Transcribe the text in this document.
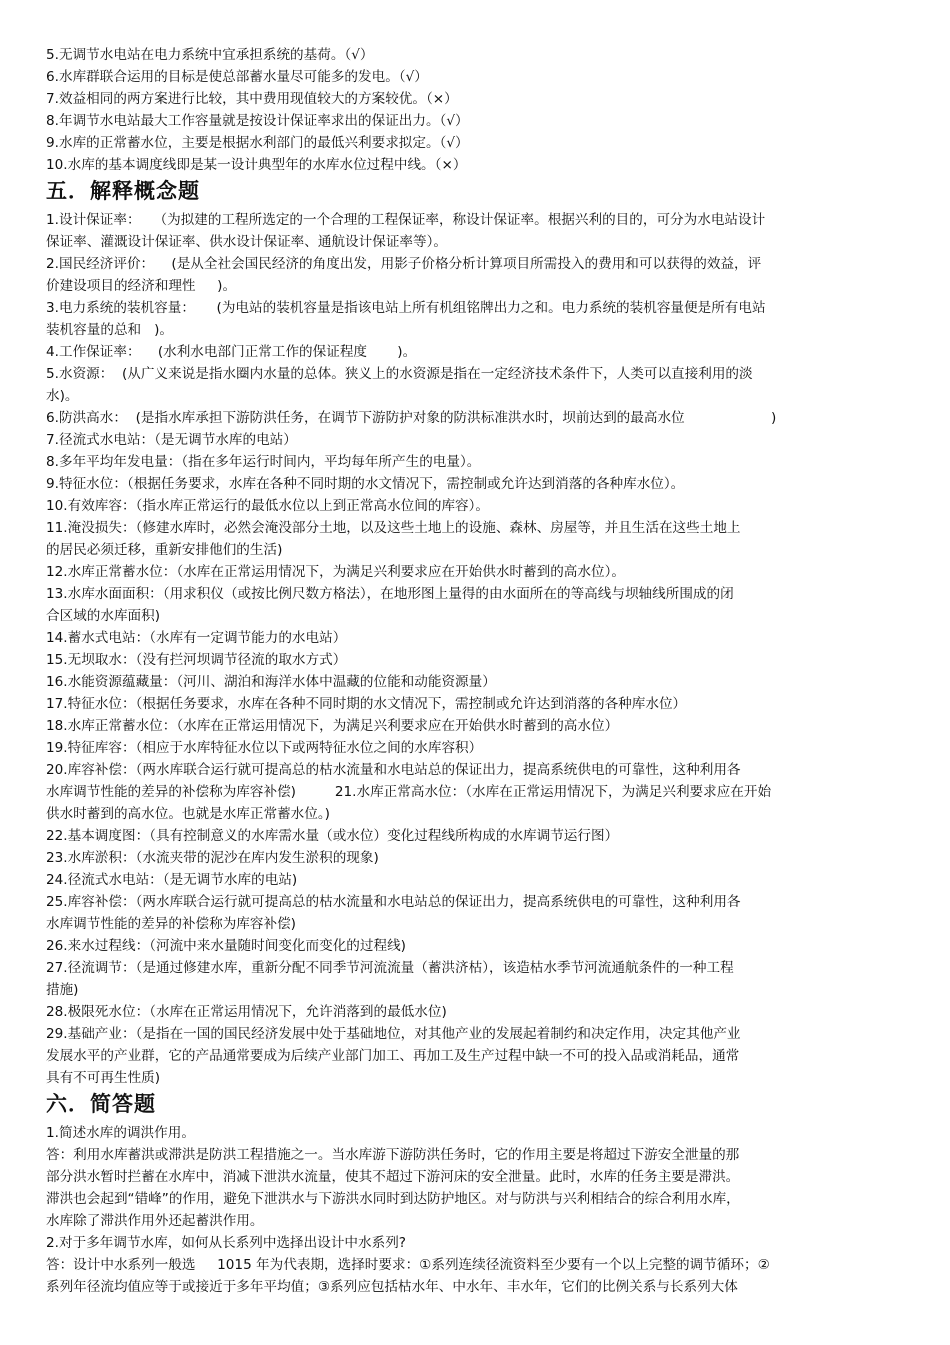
5.无调节水电站在电力系统中宜承担系统的基荷。（√）
6.水库群联合运用的目标是使总部蓄水量尽可能多的发电。（√）
7.效益相同的两方案进行比较，其中费用现值较大的方案较优。（×）
8.年调节水电站最大工作容量就是按设计保证率求出的保证出力。（√）
9.水库的正常蓄水位，主要是根据水利部门的最低兴利要求拟定。（√）
10.水库的基本调度线即是某一设计典型年的水库水位过程中线。（×）
五．解释概念题
1.设计保证率：   （为拟建的工程所选定的一个合理的工程保证率，称设计保证率。根据兴利的目的，可分为水电站设计
保证率、灌溉设计保证率、供水设计保证率、通航设计保证率等）。
2.国民经济评价：    (是从全社会国民经济的角度出发，用影子价格分析计算项目所需投入的费用和可以获得的效益，评
价建设项目的经济和理性     )。
3.电力系统的装机容量：     (为电站的装机容量是指该电站上所有机组铭牌出力之和。电力系统的装机容量便是所有电站
装机容量的总和   )。
4.工作保证率：    (水利水电部门正常工作的保证程度       )。
5.水资源：  (从广义来说是指水圈内水量的总体。狭义上的水资源是指在一定经济技术条件下，人类可以直接利用的淡
水)。
6.防洪高水：  (是指水库承担下游防洪任务，在调节下游防护对象的防洪标准洪水时，坝前达到的最高水位                    )
7.径流式水电站：（是无调节水库的电站）
8.多年平均年发电量：（指在多年运行时间内，平均每年所产生的电量）。
9.特征水位：（根据任务要求，水库在各种不同时期的水文情况下，需控制或允许达到消落的各种库水位）。
10.有效库容：（指水库正常运行的最低水位以上到正常高水位间的库容）。
11.淹没损失：（修建水库时，必然会淹没部分土地，以及这些土地上的设施、森林、房屋等，并且生活在这些土地上
的居民必须迁移，重新安排他们的生活)
12.水库正常蓄水位：（水库在正常运用情况下，为满足兴利要求应在开始供水时蓄到的高水位）。
13.水库水面面积：（用求积仪（或按比例尺数方格法），在地形图上量得的由水面所在的等高线与坝轴线所围成的闭
合区域的水库面积)
14.蓄水式电站：（水库有一定调节能力的水电站）
15.无坝取水：（没有拦河坝调节径流的取水方式）
16.水能资源蕴藏量：（河川、湖泊和海洋水体中温藏的位能和动能资源量）
17.特征水位：（根据任务要求，水库在各种不同时期的水文情况下，需控制或允许达到消落的各种库水位）
18.水库正常蓄水位：（水库在正常运用情况下，为满足兴利要求应在开始供水时蓄到的高水位）
19.特征库容：（相应于水库特征水位以下或两特征水位之间的水库容积）
20.库容补偿：（两水库联合运行就可提高总的枯水流量和水电站总的保证出力，提高系统供电的可靠性，这种利用各
水库调节性能的差异的补偿称为库容补偿)         21.水库正常高水位：（水库在正常运用情况下，为满足兴利要求应在开始
供水时蓄到的高水位。也就是水库正常蓄水位。)
22.基本调度图：（具有控制意义的水库需水量（或水位）变化过程线所构成的水库调节运行图）
23.水库淤积：（水流夹带的泥沙在库内发生淤积的现象)
24.径流式水电站：（是无调节水库的电站)
25.库容补偿：（两水库联合运行就可提高总的枯水流量和水电站总的保证出力，提高系统供电的可靠性，这种利用各
水库调节性能的差异的补偿称为库容补偿)
26.来水过程线：（河流中来水量随时间变化而变化的过程线)
27.径流调节：（是通过修建水库，重新分配不同季节河流流量（蓄洪济枯），该造枯水季节河流通航条件的一种工程
措施)
28.极限死水位：（水库在正常运用情况下，允许消落到的最低水位)
29.基础产业：（是指在一国的国民经济发展中处于基础地位，对其他产业的发展起着制约和决定作用，决定其他产业
发展水平的产业群，它的产品通常要成为后续产业部门加工、再加工及生产过程中缺一不可的投入品或消耗品，通常
具有不可再生性质)
六．简答题
1.简述水库的调洪作用。
答：利用水库蓄洪或滞洪是防洪工程措施之一。当水库游下游防洪任务时，它的作用主要是将超过下游安全泄量的那
部分洪水暂时拦蓄在水库中，消减下泄洪水流量，使其不超过下游河床的安全泄量。此时，水库的任务主要是滞洪。
滞洪也会起到“错峰”的作用，避免下泄洪水与下游洪水同时到达防护地区。对与防洪与兴利相结合的综合利用水库，
水库除了滞洪作用外还起蓄洪作用。
2.对于多年调节水库，如何从长系列中选择出设计中水系列?
答：设计中水系列一般选     1015 年为代表期，选择时要求：①系列连续径流资料至少要有一个以上完整的调节循环；②
系列年径流均值应等于或接近于多年平均值；③系列应包括枯水年、中水年、丰水年，它们的比例关系与长系列大体
